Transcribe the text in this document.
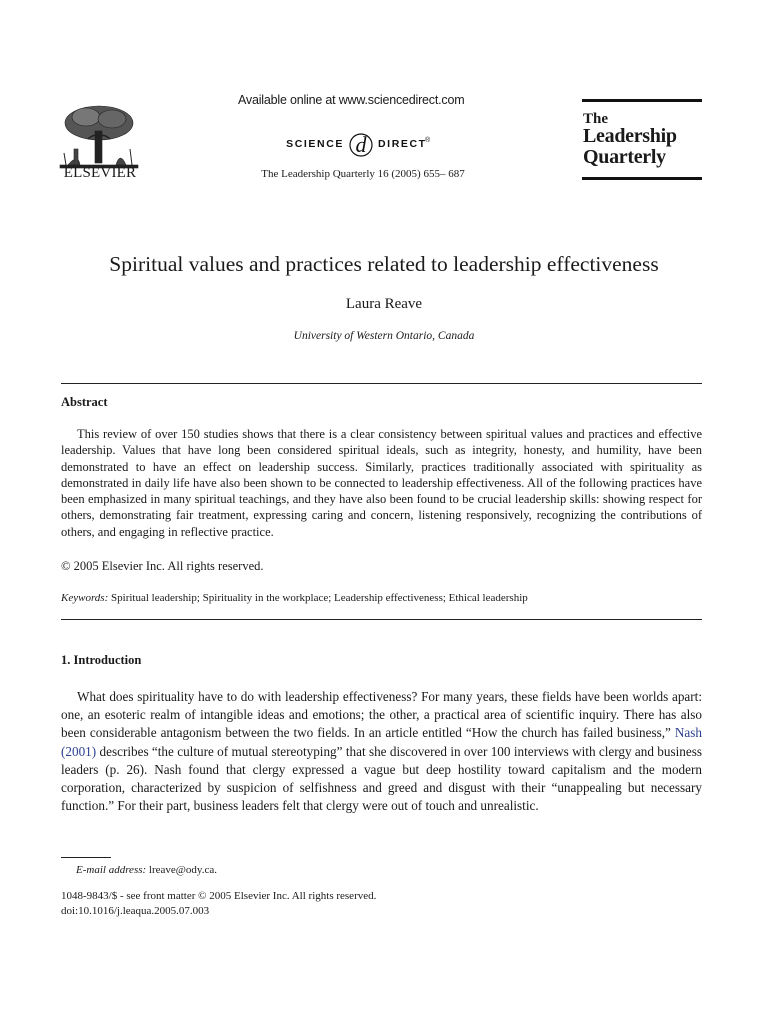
ELSEVIER
Available online at www.sciencedirect.com
SCIENCE d DIRECT
®
The Leadership Quarterly 16 (2005) 655– 687
The
Leadership
Quarterly
Spiritual values and practices related to leadership effectiveness
Laura Reave
University of Western Ontario, Canada
Abstract

This review of over 150 studies shows that there is a clear consistency between spiritual values and practices and effective leadership. Values that have long been considered spiritual ideals, such as integrity, honesty, and humility, have been demonstrated to have an effect on leadership success. Similarly, practices traditionally associated with spirituality as demonstrated in daily life have also been shown to be connected to leadership effectiveness. All of the following practices have been emphasized in many spiritual teachings, and they have also been found to be crucial leadership skills: showing respect for others, demonstrating fair treatment, expressing caring and concern, listening responsively, recognizing the contributions of others, and engaging in reflective practice.

© 2005 Elsevier Inc. All rights reserved.
Keywords: Spiritual leadership; Spirituality in the workplace; Leadership effectiveness; Ethical leadership
1. Introduction

What does spirituality have to do with leadership effectiveness? For many years, these fields have been worlds apart: one, an esoteric realm of intangible ideas and emotions; the other, a practical area of scientific inquiry. There has also been considerable antagonism between the two fields. In an article entitled “How the church has failed business,” Nash (2001) describes “the culture of mutual stereotyping” that she discovered in over 100 interviews with clergy and business leaders (p. 26). Nash found that clergy expressed a vague but deep hostility toward capitalism and the modern corporation, characterized by suspicion of selfishness and greed and disgust with their “unappealing but necessary function.” For their part, business leaders felt that clergy were out of touch and unrealistic.

E-mail address: lreave@ody.ca.
1048-9843/$ - see front matter © 2005 Elsevier Inc. All rights reserved.
doi:10.1016/j.leaqua.2005.07.003
